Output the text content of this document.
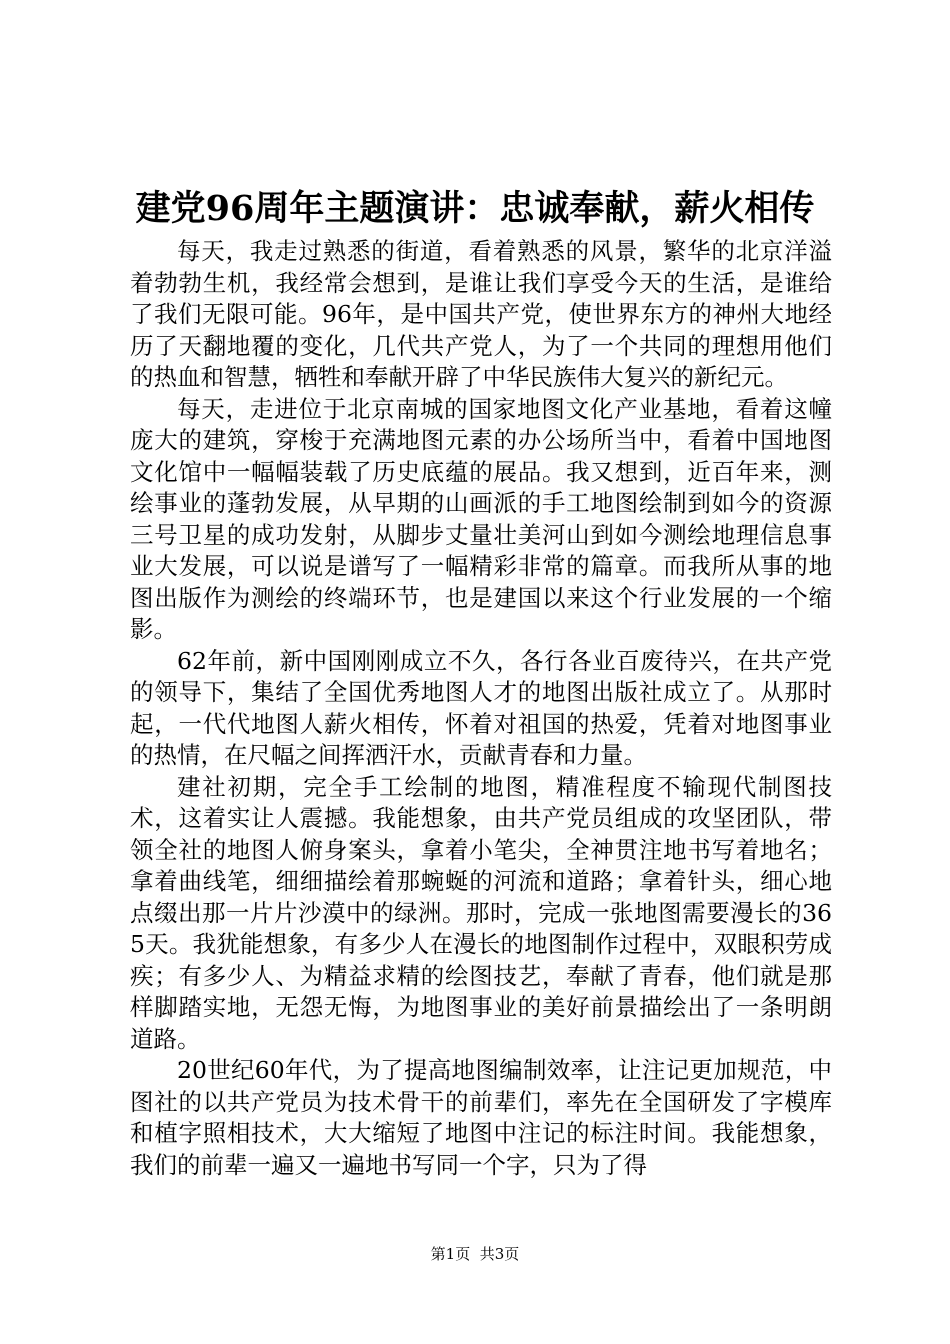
建党96周年主题演讲：忠诚奉献，薪火相传

每天，我走过熟悉的街道，看着熟悉的风景，繁华的北京洋溢着勃勃生机，我经常会想到，是谁让我们享受今天的生活，是谁给了我们无限可能。96年，是中国共产党，使世界东方的神州大地经历了天翻地覆的变化，几代共产党人，为了一个共同的理想用他们的热血和智慧，牺牲和奉献开辟了中华民族伟大复兴的新纪元。

每天，走进位于北京南城的国家地图文化产业基地，看着这幢庞大的建筑，穿梭于充满地图元素的办公场所当中，看着中国地图文化馆中一幅幅装载了历史底蕴的展品。我又想到，近百年来，测绘事业的蓬勃发展，从早期的山画派的手工地图绘制到如今的资源三号卫星的成功发射，从脚步丈量壮美河山到如今测绘地理信息事业大发展，可以说是谱写了一幅精彩非常的篇章。而我所从事的地图出版作为测绘的终端环节，也是建国以来这个行业发展的一个缩影。

62年前，新中国刚刚成立不久，各行各业百废待兴，在共产党的领导下，集结了全国优秀地图人才的地图出版社成立了。从那时起，一代代地图人薪火相传，怀着对祖国的热爱，凭着对地图事业的热情，在尺幅之间挥洒汗水，贡献青春和力量。

建社初期，完全手工绘制的地图，精准程度不输现代制图技术，这着实让人震撼。我能想象，由共产党员组成的攻坚团队，带领全社的地图人俯身案头，拿着小笔尖，全神贯注地书写着地名；拿着曲线笔，细细描绘着那蜿蜒的河流和道路；拿着针头，细心地点缀出那一片片沙漠中的绿洲。那时，完成一张地图需要漫长的365天。我犹能想象，有多少人在漫长的地图制作过程中，双眼积劳成疾；有多少人、为精益求精的绘图技艺，奉献了青春，他们就是那样脚踏实地，无怨无悔，为地图事业的美好前景描绘出了一条明朗道路。

20世纪60年代，为了提高地图编制效率，让注记更加规范，中图社的以共产党员为技术骨干的前辈们，率先在全国研发了字模库和植字照相技术，大大缩短了地图中注记的标注时间。我能想象，我们的前辈一遍又一遍地书写同一个字，只为了得

第1页 共3页
